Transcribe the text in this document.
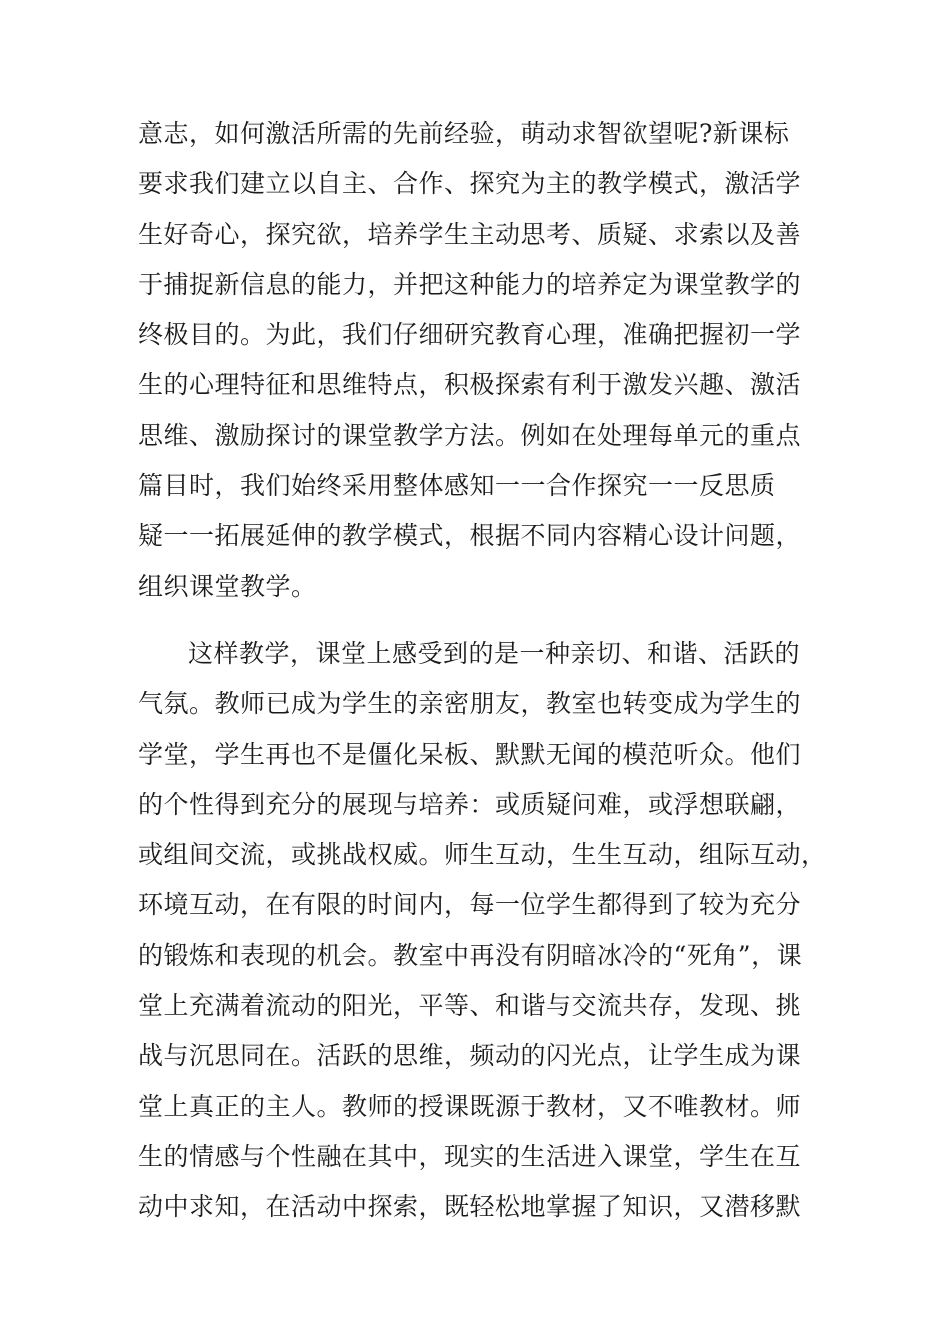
意志，如何激活所需的先前经验，萌动求智欲望呢?新课标
要求我们建立以自主、合作、探究为主的教学模式，激活学
生好奇心，探究欲，培养学生主动思考、质疑、求索以及善
于捕捉新信息的能力，并把这种能力的培养定为课堂教学的
终极目的。为此，我们仔细研究教育心理，准确把握初一学
生的心理特征和思维特点，积极探索有利于激发兴趣、激活
思维、激励探讨的课堂教学方法。例如在处理每单元的重点
篇目时，我们始终采用整体感知一一合作探究一一反思质
疑一一拓展延伸的教学模式，根据不同内容精心设计问题，
组织课堂教学。

这样教学，课堂上感受到的是一种亲切、和谐、活跃的
气氛。教师已成为学生的亲密朋友，教室也转变成为学生的
学堂，学生再也不是僵化呆板、默默无闻的模范听众。他们
的个性得到充分的展现与培养：或质疑问难，或浮想联翩，
或组间交流，或挑战权威。师生互动，生生互动，组际互动，
环境互动，在有限的时间内，每一位学生都得到了较为充分
的锻炼和表现的机会。教室中再没有阴暗冰冷的“死角”，课
堂上充满着流动的阳光，平等、和谐与交流共存，发现、挑
战与沉思同在。活跃的思维，频动的闪光点，让学生成为课
堂上真正的主人。教师的授课既源于教材，又不唯教材。师
生的情感与个性融在其中，现实的生活进入课堂，学生在互
动中求知，在活动中探索，既轻松地掌握了知识，又潜移默
